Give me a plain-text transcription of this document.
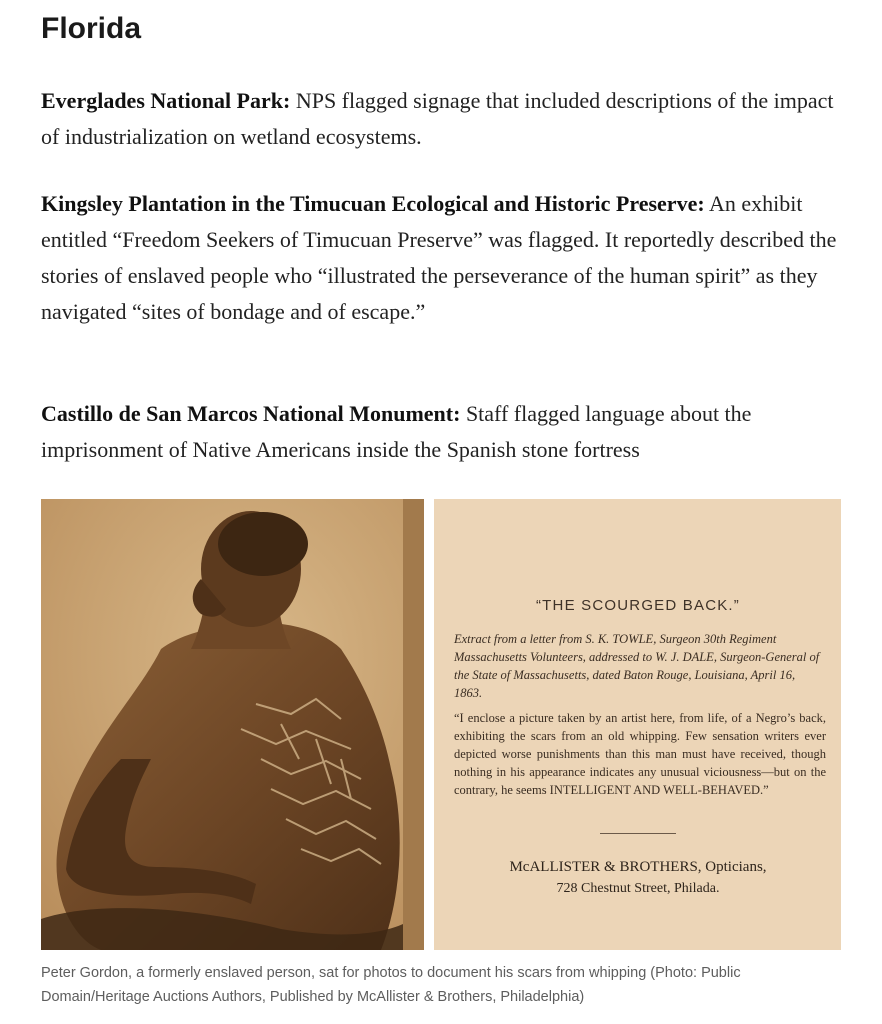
Florida

Everglades National Park: NPS flagged signage that included descriptions of the impact of industrialization on wetland ecosystems.

Kingsley Plantation in the Timucuan Ecological and Historic Preserve: An exhibit entitled “Freedom Seekers of Timucuan Preserve” was flagged. It reportedly described the stories of enslaved people who “illustrated the perseverance of the human spirit” as they navigated “sites of bondage and of escape.”

Castillo de San Marcos National Monument: Staff flagged language about the imprisonment of Native Americans inside the Spanish stone fortress

“THE SCOURGED BACK.”
Extract from a letter from S. K. TOWLE, Surgeon 30th Regiment Massachusetts Volunteers, addressed to W. J. DALE, Surgeon-General of the State of Massachusetts, dated Baton Rouge, Louisiana, April 16, 1863.
“I enclose a picture taken by an artist here, from life, of a Negro’s back, exhibiting the scars from an old whipping. Few sensation writers ever depicted worse punishments than this man must have received, though nothing in his appearance indicates any unusual viciousness—but on the contrary, he seems INTELLIGENT AND WELL-BEHAVED.”
McALLISTER & BROTHERS, Opticians,
728 Chestnut Street, Philada.

Peter Gordon, a formerly enslaved person, sat for photos to document his scars from whipping (Photo: Public Domain/Heritage Auctions Authors, Published by McAllister & Brothers, Philadelphia)
